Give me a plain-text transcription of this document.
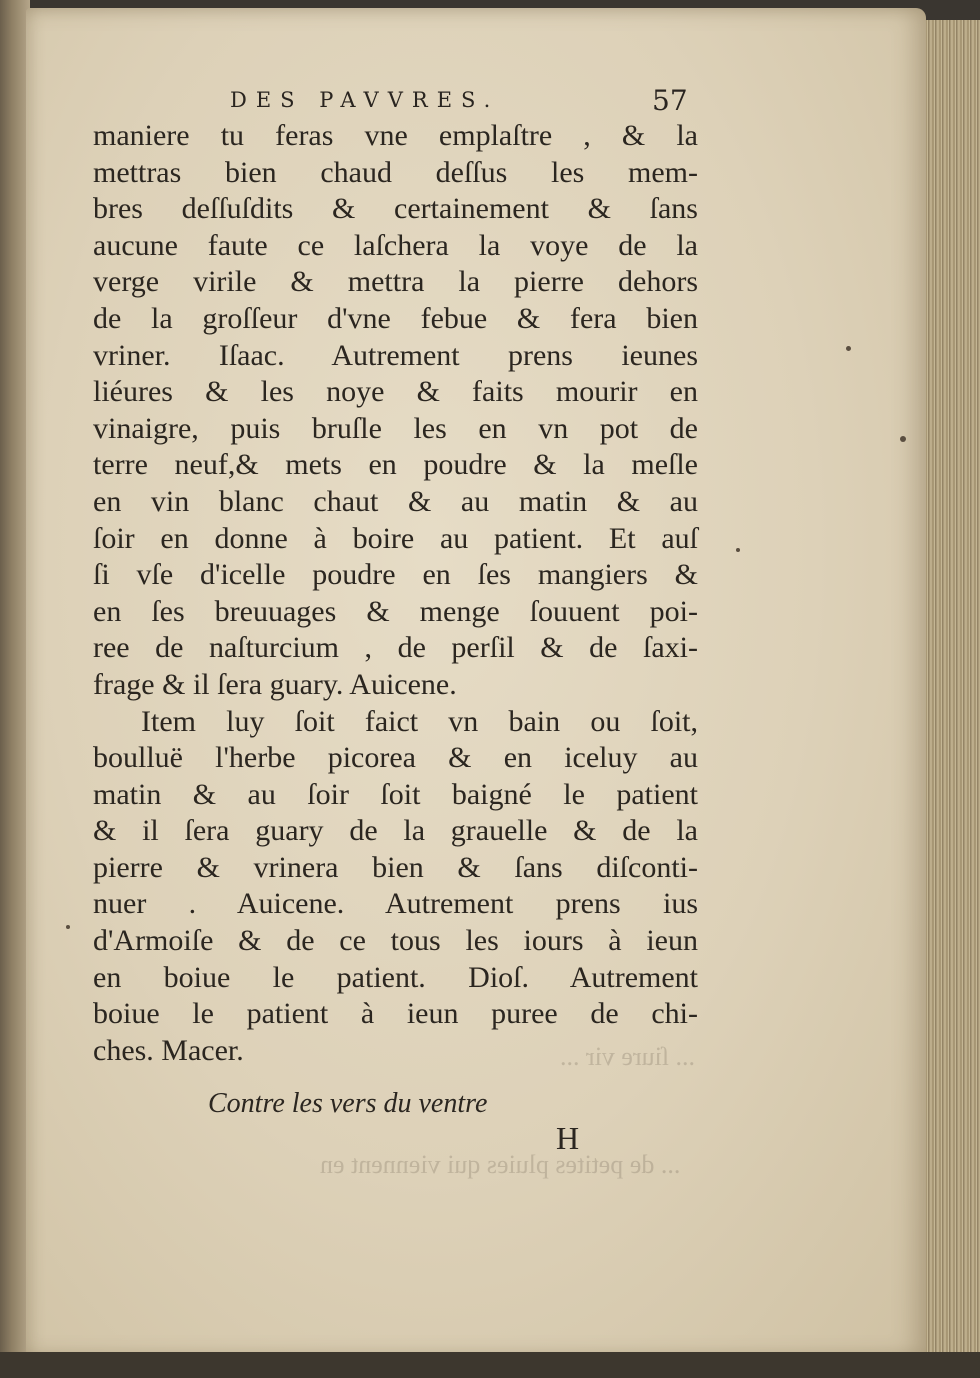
... ſiure vir ...
... de petites pluies qui viennent en
DES PAVVRES.	57
maniere tu feras vne emplaſtre , & la
mettras bien chaud deſſus les mem-
bres deſſuſdits & certainement & ſans
aucune faute ce laſchera la voye de la
verge virile & mettra la pierre dehors
de la groſſeur d'vne febue & fera bien
vriner. Iſaac. Autrement prens ieunes
liéures & les noye & faits mourir en
vinaigre, puis bruſle les en vn pot de
terre neuf,& mets en poudre & la meſle
en vin blanc chaut & au matin & au
ſoir en donne à boire au patient. Et auſ
ſi vſe d'icelle poudre en ſes mangiers &
en ſes breuuages & menge ſouuent poi-
ree de naſturcium , de perſil & de ſaxi-
frage & il ſera guary. Auicene.
Item luy ſoit faict vn bain ou ſoit,
boulluë l'herbe picorea & en iceluy au
matin & au ſoir ſoit baigné le patient
& il ſera guary de la grauelle & de la
pierre & vrinera bien & ſans diſconti-
nuer . Auicene. Autrement prens ius
d'Armoiſe & de ce tous les iours à ieun
en boiue le patient. Dioſ. Autrement
boiue le patient à ieun puree de chi-
ches. Macer.
Contre les vers du ventre
H
